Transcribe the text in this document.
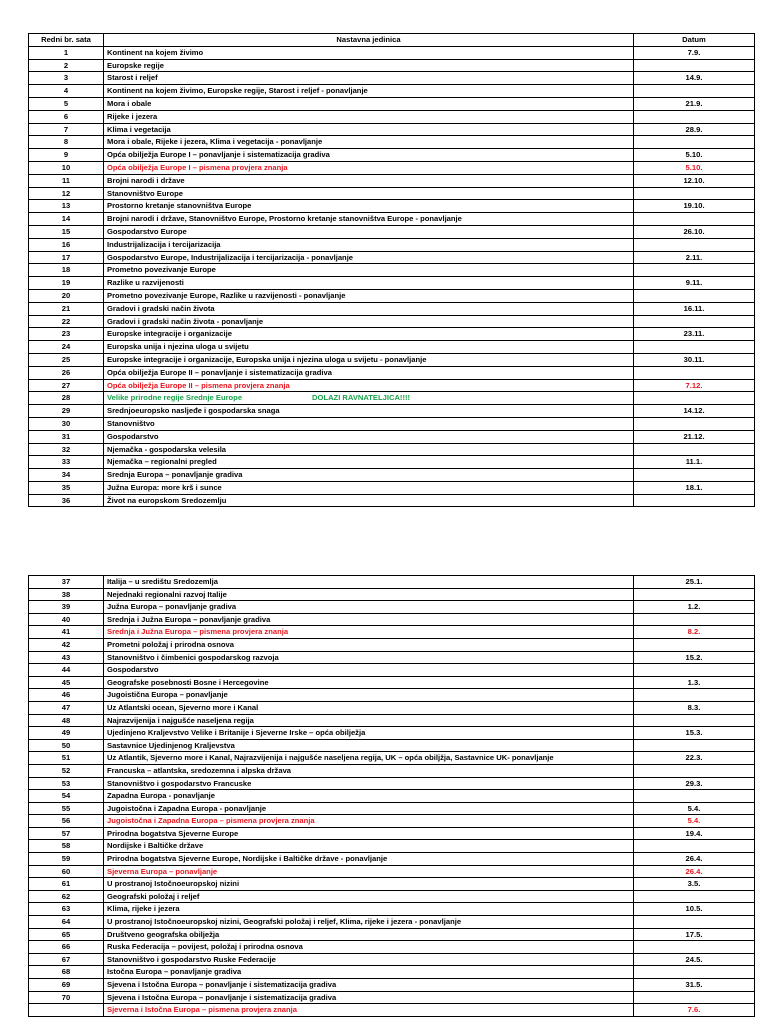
Redni br. sata	Nastavna jedinica	Datum
1	Kontinent na kojem živimo	7.9.
2	Europske regije	
3	Starost i reljef	14.9.
4	Kontinent na kojem živimo, Europske regije, Starost i reljef - ponavljanje	
5	Mora i obale	21.9.
6	Rijeke i jezera	
7	Klima i vegetacija	28.9.
8	Mora i obale, Rijeke i jezera, Klima i vegetacija - ponavljanje	
9	Opća obilježja Europe I – ponavljanje i sistematizacija gradiva	5.10.
10	Opća obilježja Europe I – pismena provjera znanja	5.10.
11	Brojni narodi i države	12.10.
12	Stanovništvo Europe	
13	Prostorno kretanje stanovništva Europe	19.10.
14	Brojni narodi i države, Stanovništvo Europe, Prostorno kretanje stanovništva Europe - ponavljanje	
15	Gospodarstvo Europe	26.10.
16	Industrijalizacija i tercijarizacija	
17	Gospodarstvo Europe, Industrijalizacija i tercijarizacija - ponavljanje	2.11.
18	Prometno povezivanje Europe	
19	Razlike u razvijenosti	9.11.
20	Prometno povezivanje Europe, Razlike u razvijenosti - ponavljanje	
21	Gradovi i gradski način života	16.11.
22	Gradovi i gradski način života - ponavljanje	
23	Europske integracije i organizacije	23.11.
24	Europska unija i njezina uloga u svijetu	
25	Europske integracije i organizacije, Europska unija i njezina uloga u svijetu - ponavljanje	30.11.
26	Opća obilježja Europe II – ponavljanje i sistematizacija gradiva	
27	Opća obilježja Europe II – pismena provjera znanja	7.12.
28	Velike prirodne regije Srednje Europe DOLAZI RAVNATELJICA!!!!	
29	Srednjoeuropsko nasljeđe i gospodarska snaga	14.12.
30	Stanovništvo	
31	Gospodarstvo	21.12.
32	Njemačka - gospodarska velesila	
33	Njemačka – regionalni pregled	11.1.
34	Srednja Europa – ponavljanje gradiva	
35	Južna Europa: more krš i sunce	18.1.
36	Život na europskom Sredozemlju	
37	Italija – u središtu Sredozemlja	25.1.
38	Nejednaki regionalni razvoj Italije	
39	Južna Europa – ponavljanje gradiva	1.2.
40	Srednja i Južna Europa – ponavljanje gradiva	
41	Srednja i Južna Europa – pismena provjera znanja	8.2.
42	Prometni položaj i prirodna osnova	
43	Stanovništvo i čimbenici gospodarskog razvoja	15.2.
44	Gospodarstvo	
45	Geografske posebnosti Bosne i Hercegovine	1.3.
46	Jugoistična Europa – ponavljanje	
47	Uz Atlantski ocean, Sjeverno more i Kanal	8.3.
48	Najrazvijenija i najgušće naseljena regija	
49	Ujedinjeno Kraljevstvo Velike i Britanije i Sjeverne Irske – opća obilježja	15.3.
50	Sastavnice Ujedinjenog Kraljevstva	
51	Uz Atlantik, Sjeverno more i Kanal, Najrazvijenija i najgušće naseljena regija, UK – opća obiljžja, Sastavnice UK- ponavljanje	22.3.
52	Francuska – atlantska, sredozemna i alpska država	
53	Stanovništvo i gospodarstvo Francuske	29.3.
54	Zapadna Europa - ponavljanje	
55	Jugoistočna i Zapadna Europa - ponavljanje	5.4.
56	Jugoistočna i Zapadna Europa – pismena provjera znanja	5.4.
57	Prirodna bogatstva Sjeverne Europe	19.4.
58	Nordijske i Baltičke države	
59	Prirodna bogatstva Sjeverne Europe, Nordijske i Baltičke države - ponavljanje	26.4.
60	Sjeverna Europa – ponavljanje	26.4.
61	U prostranoj Istočnoeuropskoj nizini	3.5.
62	Geografski položaj i reljef	
63	Klima, rijeke i jezera	10.5.
64	U prostranoj Istočnoeuropskoj nizini, Geografski položaj i reljef, Klima, rijeke i jezera - ponavljanje	
65	Društveno geografska obilježja	17.5.
66	Ruska Federacija – povijest, položaj i prirodna osnova	
67	Stanovništvo i gospodarstvo Ruske Federacije	24.5.
68	Istočna Europa – ponavljanje gradiva	
69	Sjevena i Istočna Europa – ponavljanje i sistematizacija gradiva	31.5.
70	Sjevena i Istočna Europa – ponavljanje i sistematizacija gradiva	
	Sjeverna i Istočna Europa – pismena provjera znanja	7.6.
